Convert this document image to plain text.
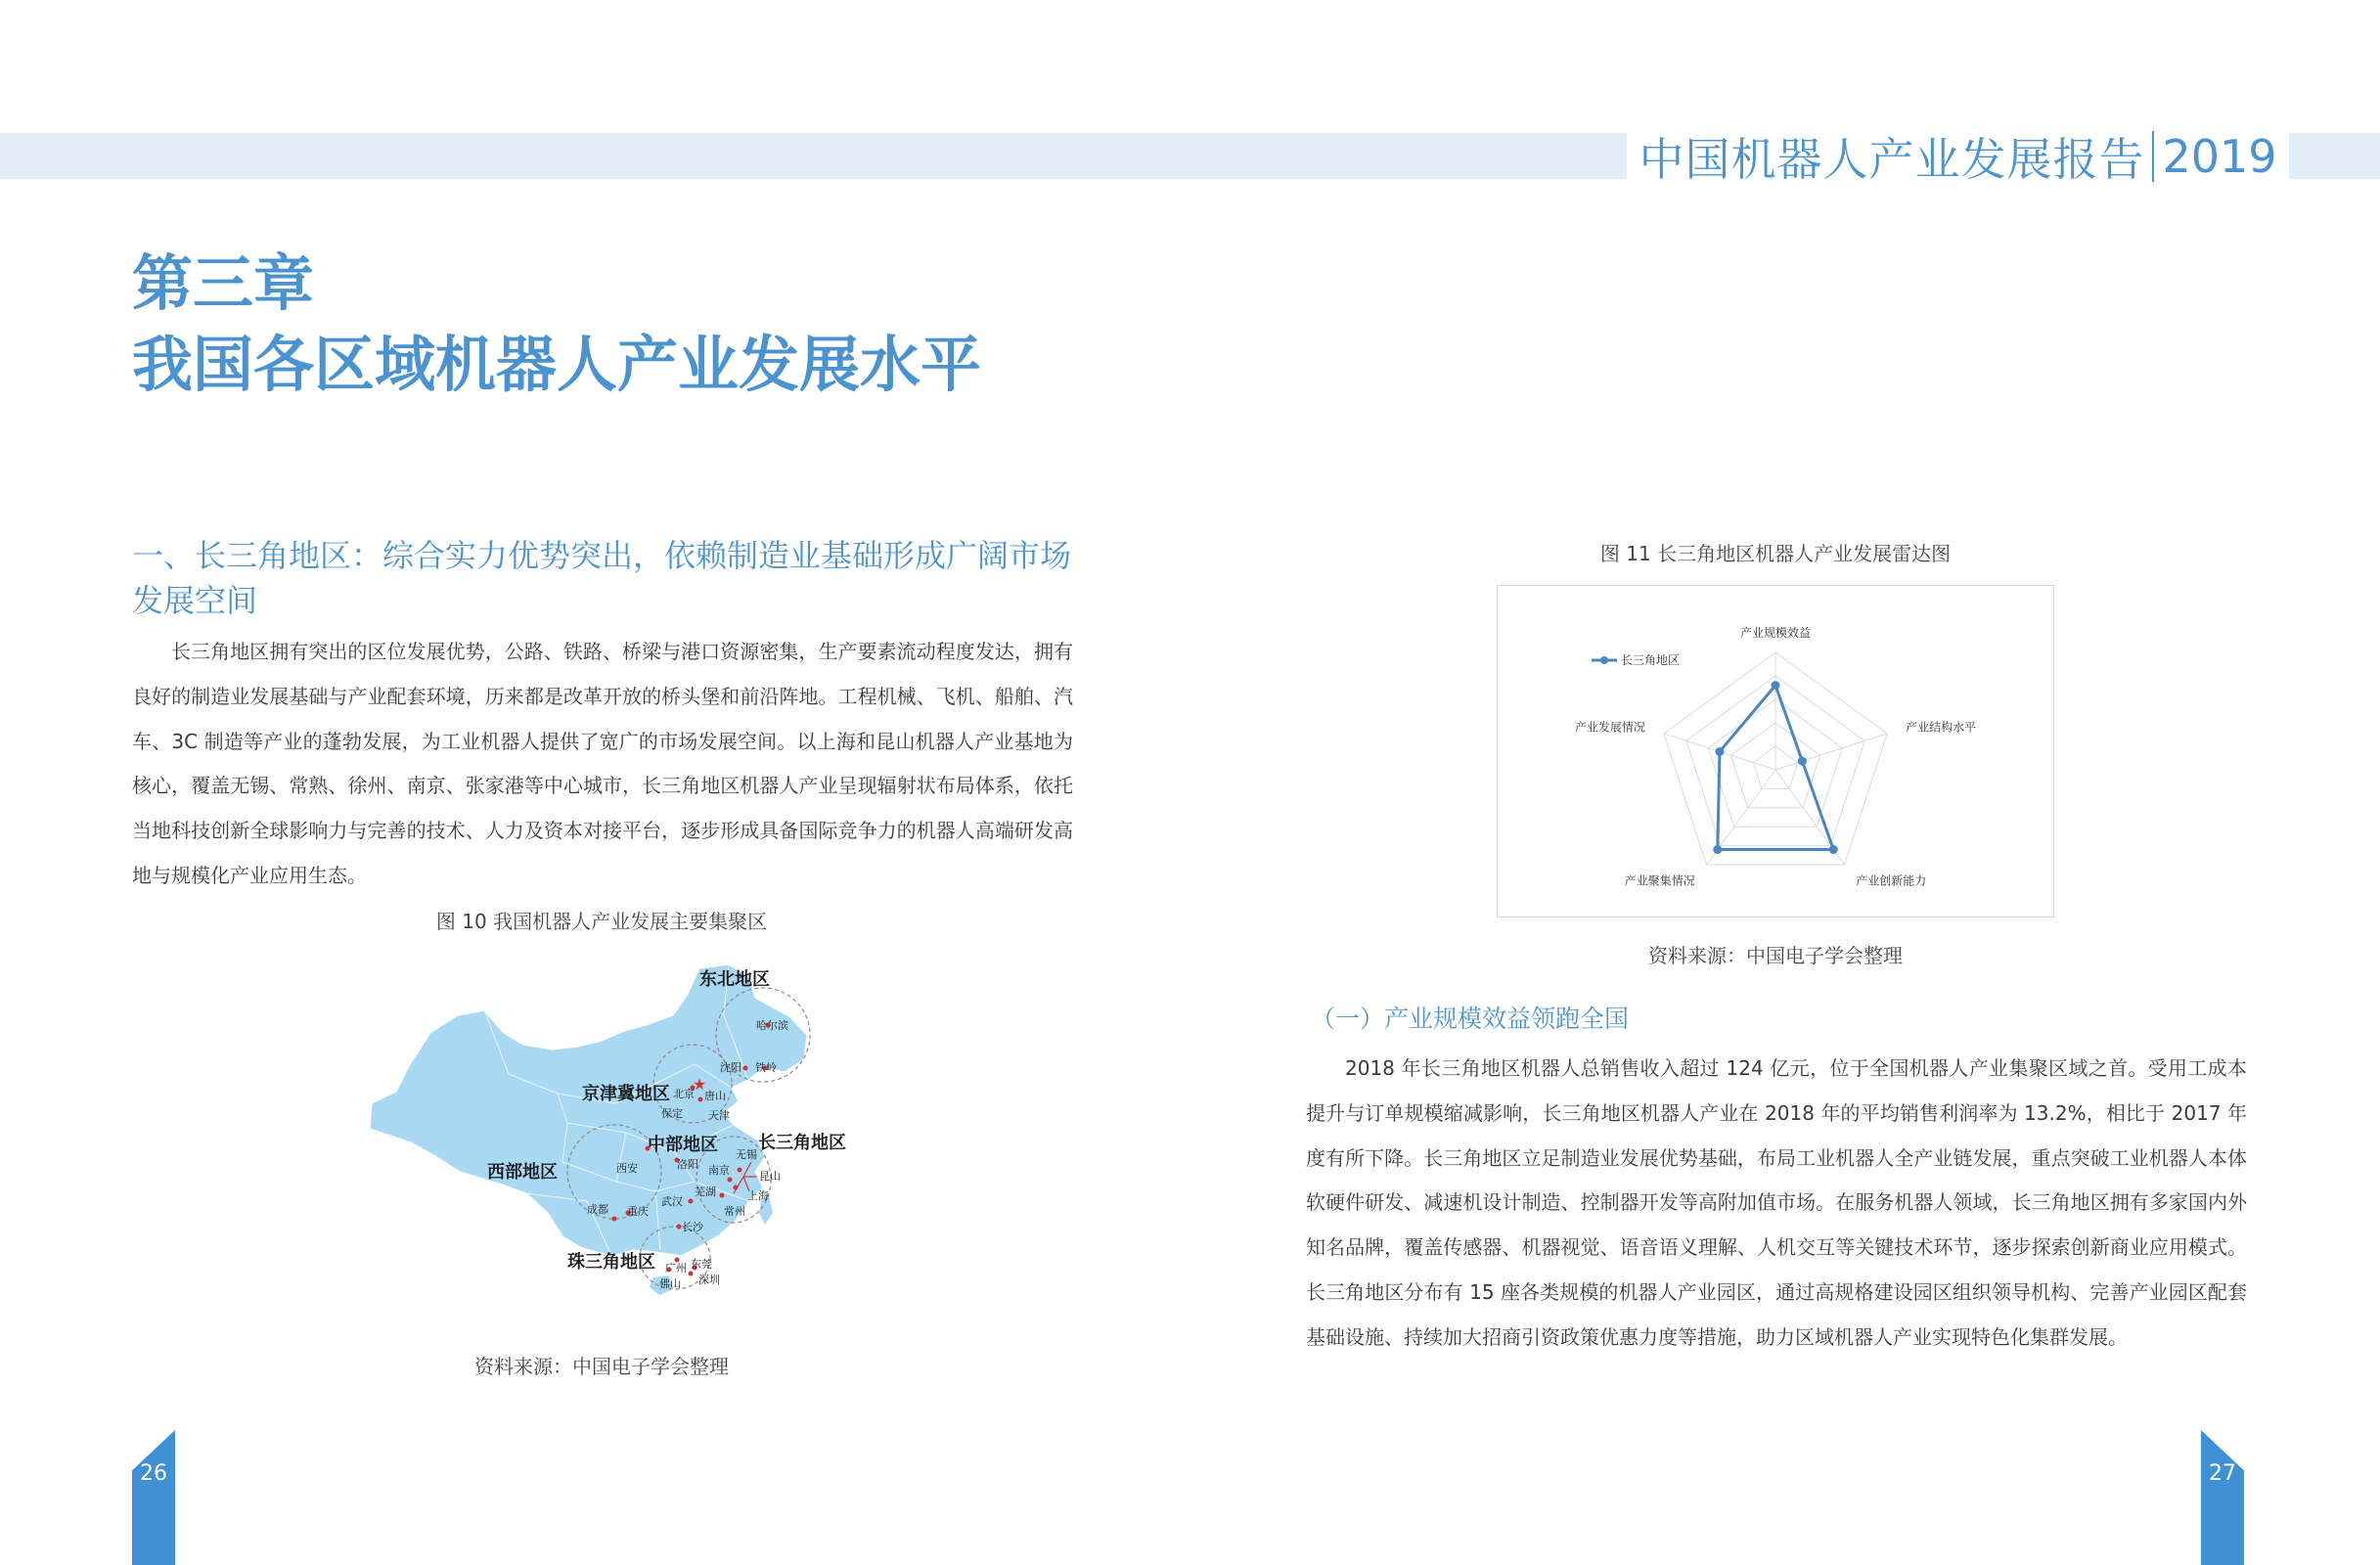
中国机器人产业发展报告 2019
第三章
我国各区域机器人产业发展水平
一、长三角地区：综合实力优势突出，依赖制造业基础形成广阔市场发展空间

长三角地区拥有突出的区位发展优势，公路、铁路、桥梁与港口资源密集，生产要素流动程度发达，拥有良好的制造业发展基础与产业配套环境，历来都是改革开放的桥头堡和前沿阵地。工程机械、飞机、船舶、汽车、3C 制造等产业的蓬勃发展，为工业机器人提供了宽广的市场发展空间。以上海和昆山机器人产业基地为核心，覆盖无锡、常熟、徐州、南京、张家港等中心城市，长三角地区机器人产业呈现辐射状布局体系，依托当地科技创新全球影响力与完善的技术、人力及资本对接平台，逐步形成具备国际竞争力的机器人高端研发高地与规模化产业应用生态。

图 10 我国机器人产业发展主要集聚区
★
东北地区
京津冀地区
中部地区 长三角地区
西部地区
珠三角地区
哈尔滨
沈阳 铁岭
北京 唐山
保定 天津
洛阳
西安	南京
无锡
昆山
上海
芜湖
武汉
常州
成都 重庆
长沙
广州 东莞
佛山 深圳
资料来源：中国电子学会整理
图 11 长三角地区机器人产业发展雷达图
长三角地区
产业规模效益
产业结构水平
产业创新能力
产业聚集情况
产业发展情况
资料来源：中国电子学会整理
（一）产业规模效益领跑全国

2018 年长三角地区机器人总销售收入超过 124 亿元，位于全国机器人产业集聚区域之首。受用工成本提升与订单规模缩减影响，长三角地区机器人产业在 2018 年的平均销售利润率为 13.2%，相比于 2017 年度有所下降。长三角地区立足制造业发展优势基础，布局工业机器人全产业链发展，重点突破工业机器人本体软硬件研发、减速机设计制造、控制器开发等高附加值市场。在服务机器人领域，长三角地区拥有多家国内外知名品牌，覆盖传感器、机器视觉、语音语义理解、人机交互等关键技术环节，逐步探索创新商业应用模式。长三角地区分布有 15 座各类规模的机器人产业园区，通过高规格建设园区组织领导机构、完善产业园区配套基础设施、持续加大招商引资政策优惠力度等措施，助力区域机器人产业实现特色化集群发展。

26	27
